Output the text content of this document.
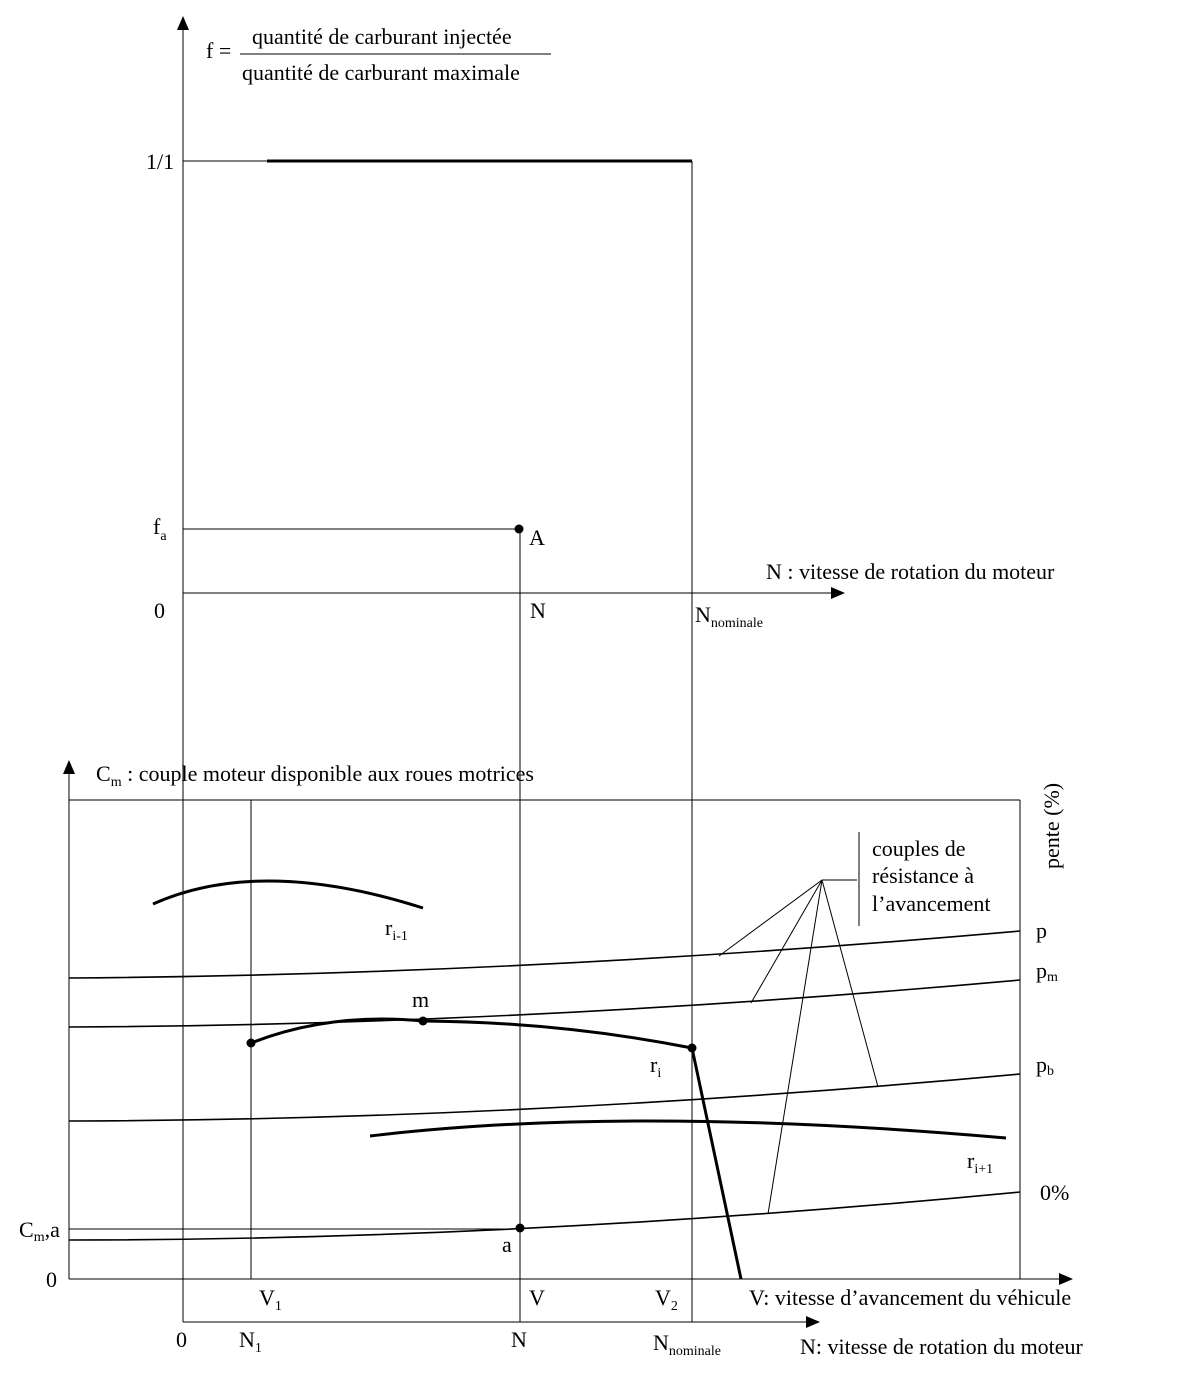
f =
quantité de carburant injectée
quantité de carburant maximale
1/1
$f_a$	A
0
N : vitesse de rotation du moteur
N	$N_{nominale}$
$C_m$ : couple moteur disponible aux roues motrices
pente (%)
couples de
résistance à
l’avancement
$r_{i-1}$
m
$r_i$
$r_{i+1}$
a
p
pm
pb
0%
Cm,a
0
$V_1$	V	$V_2$	V: vitesse d’avancement du véhicule
0 $N_1$	N	$N_{nominale}$	N: vitesse de rotation du moteur
